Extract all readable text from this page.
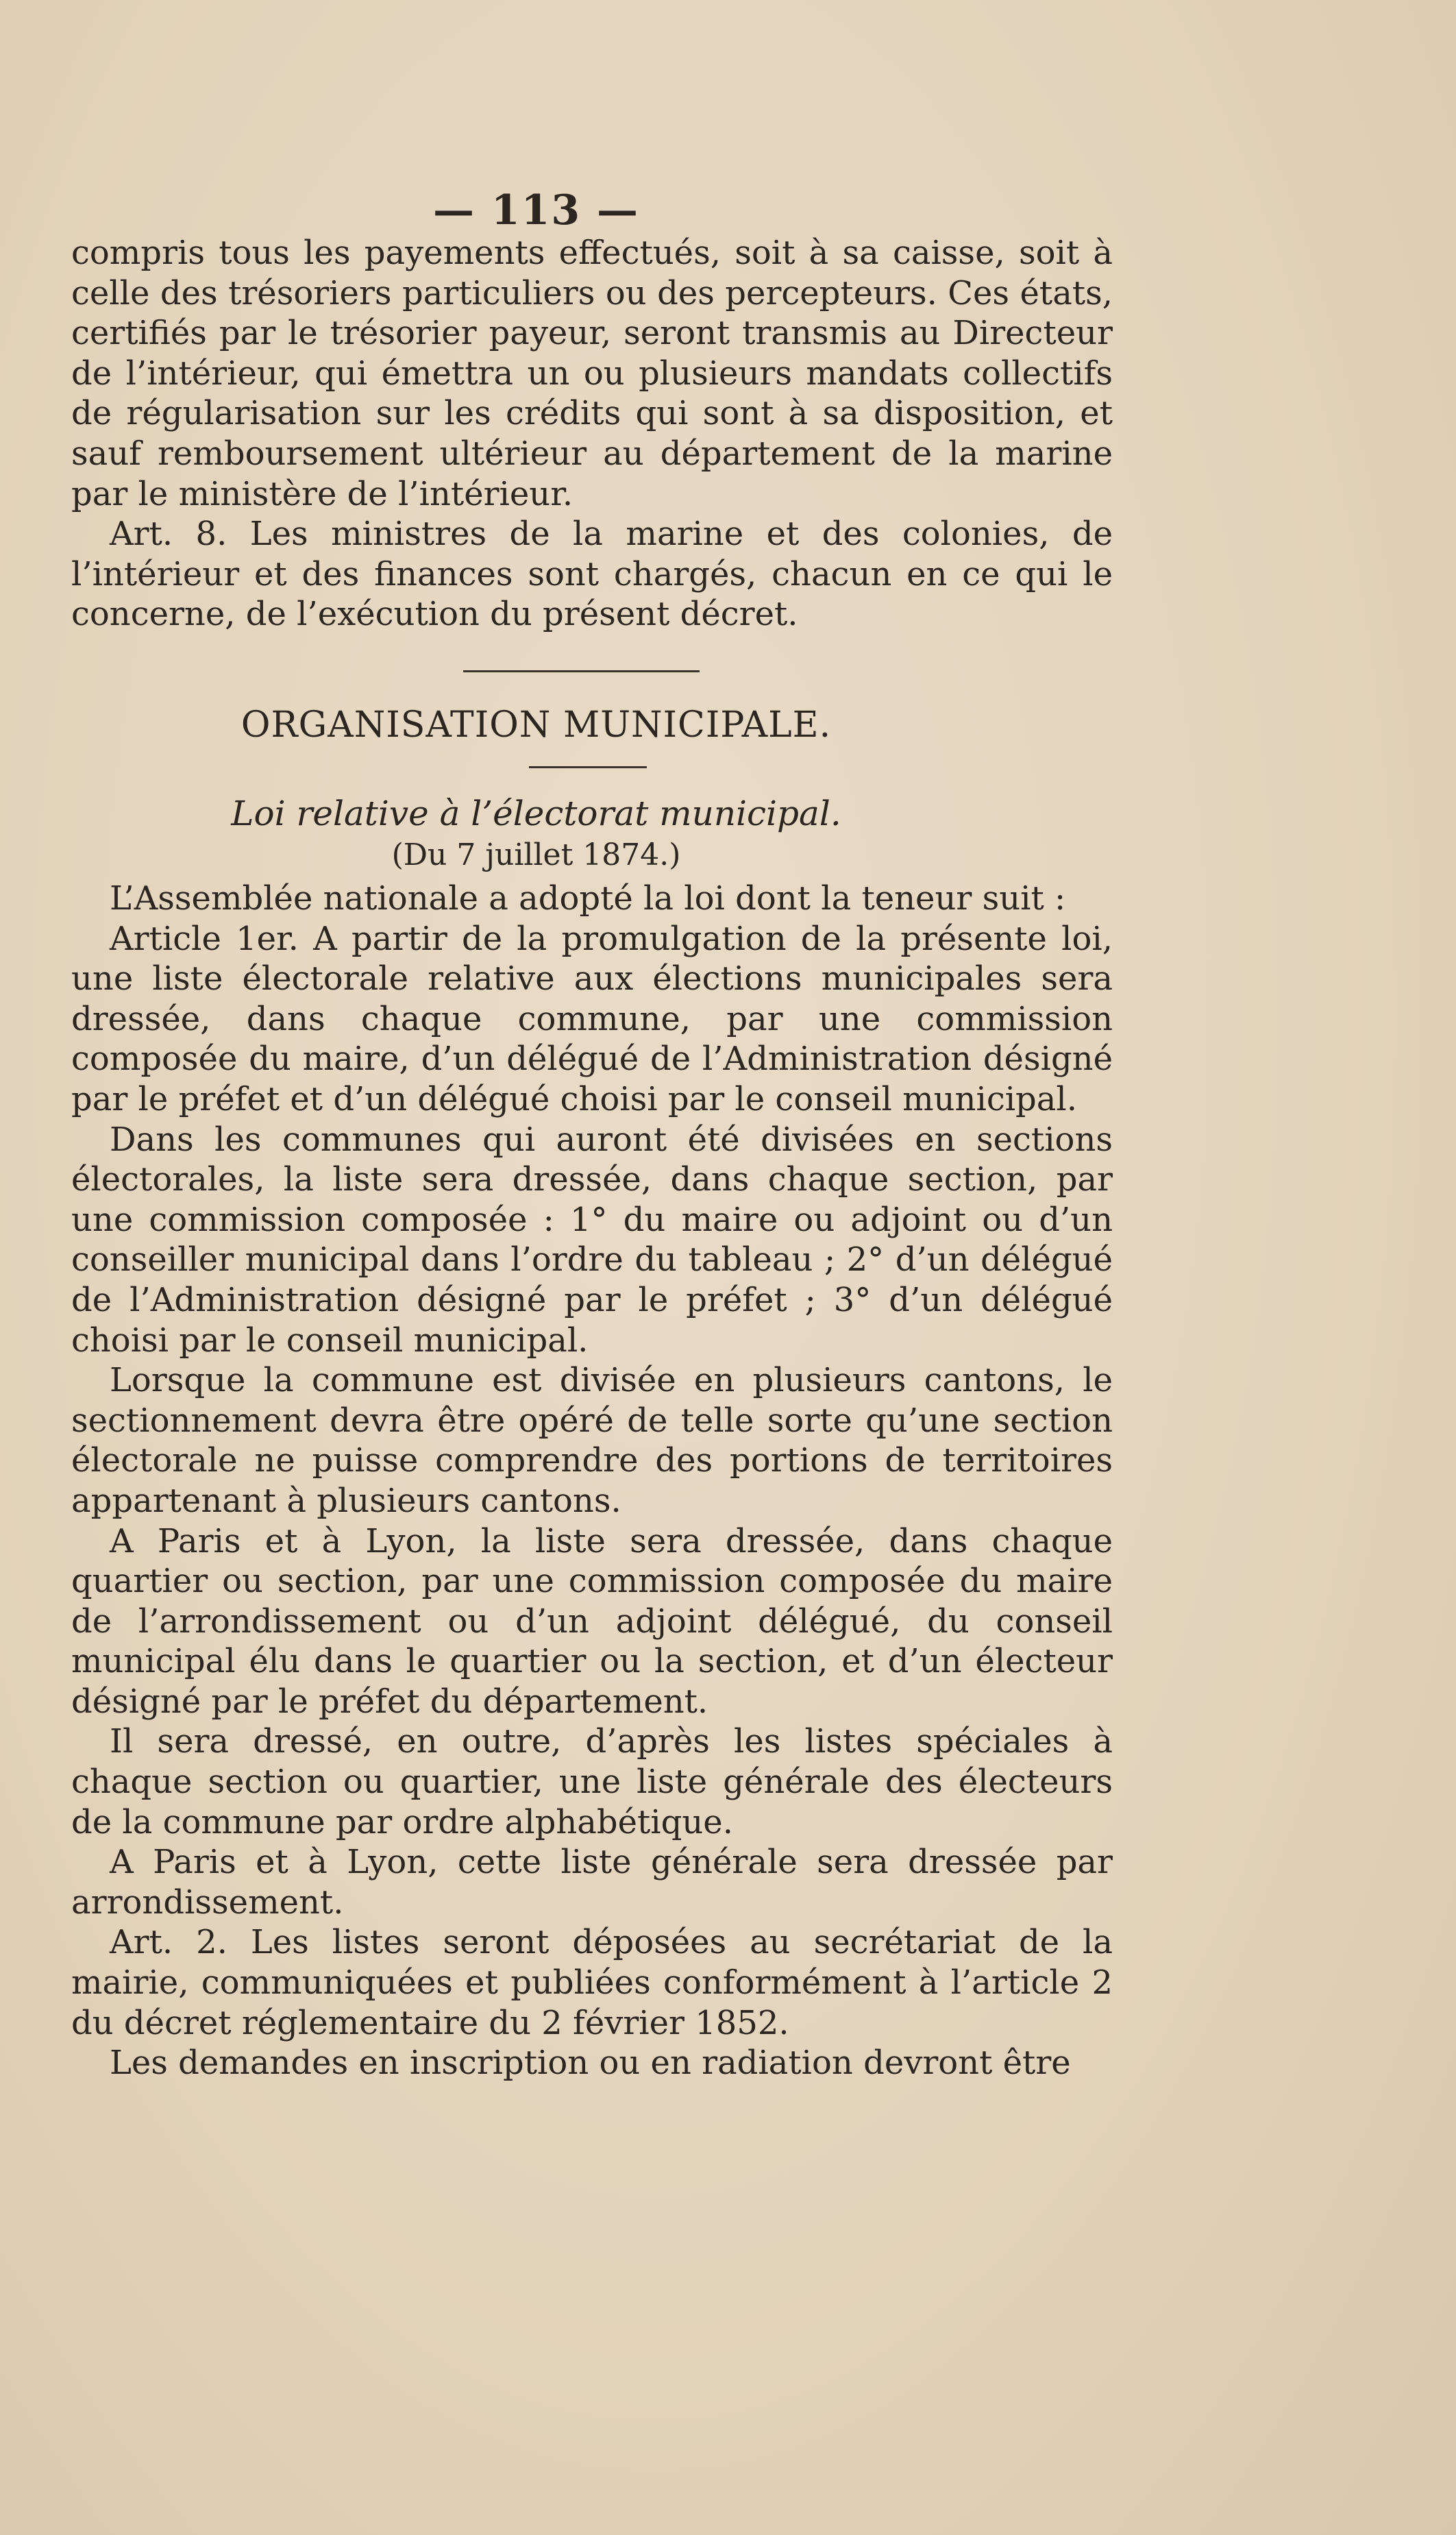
— 113 —

compris tous les payements effectués, soit à sa caisse, soit à celle des trésoriers particuliers ou des percepteurs. Ces états, certifiés par le trésorier payeur, seront transmis au Directeur de l’intérieur, qui émettra un ou plusieurs mandats collectifs de régularisation sur les crédits qui sont à sa disposition, et sauf remboursement ultérieur au département de la marine par le ministère de l’intérieur.

Art. 8. Les ministres de la marine et des colonies, de l’intérieur et des finances sont chargés, chacun en ce qui le concerne, de l’exécution du présent décret.

ORGANISATION MUNICIPALE.
Loi relative à l’électorat municipal.
(Du 7 juillet 1874.)

L’Assemblée nationale a adopté la loi dont la teneur suit :

Article 1er. A partir de la promulgation de la présente loi, une liste électorale relative aux élections municipales sera dressée, dans chaque commune, par une commission composée du maire, d’un délégué de l’Administration désigné par le préfet et d’un délégué choisi par le conseil municipal.

Dans les communes qui auront été divisées en sections électorales, la liste sera dressée, dans chaque section, par une commission composée : 1° du maire ou adjoint ou d’un conseiller municipal dans l’ordre du tableau ; 2° d’un délégué de l’Administration désigné par le préfet ; 3° d’un délégué choisi par le conseil municipal.

Lorsque la commune est divisée en plusieurs cantons, le sectionnement devra être opéré de telle sorte qu’une section électorale ne puisse comprendre des portions de territoires appartenant à plusieurs cantons.

A Paris et à Lyon, la liste sera dressée, dans chaque quartier ou section, par une commission composée du maire de l’arrondissement ou d’un adjoint délégué, du conseil municipal élu dans le quartier ou la section, et d’un électeur désigné par le préfet du département.

Il sera dressé, en outre, d’après les listes spéciales à chaque section ou quartier, une liste générale des électeurs de la commune par ordre alphabétique.

A Paris et à Lyon, cette liste générale sera dressée par arrondissement.

Art. 2. Les listes seront déposées au secrétariat de la mairie, communiquées et publiées conformément à l’article 2 du décret réglementaire du 2 février 1852.

Les demandes en inscription ou en radiation devront être
